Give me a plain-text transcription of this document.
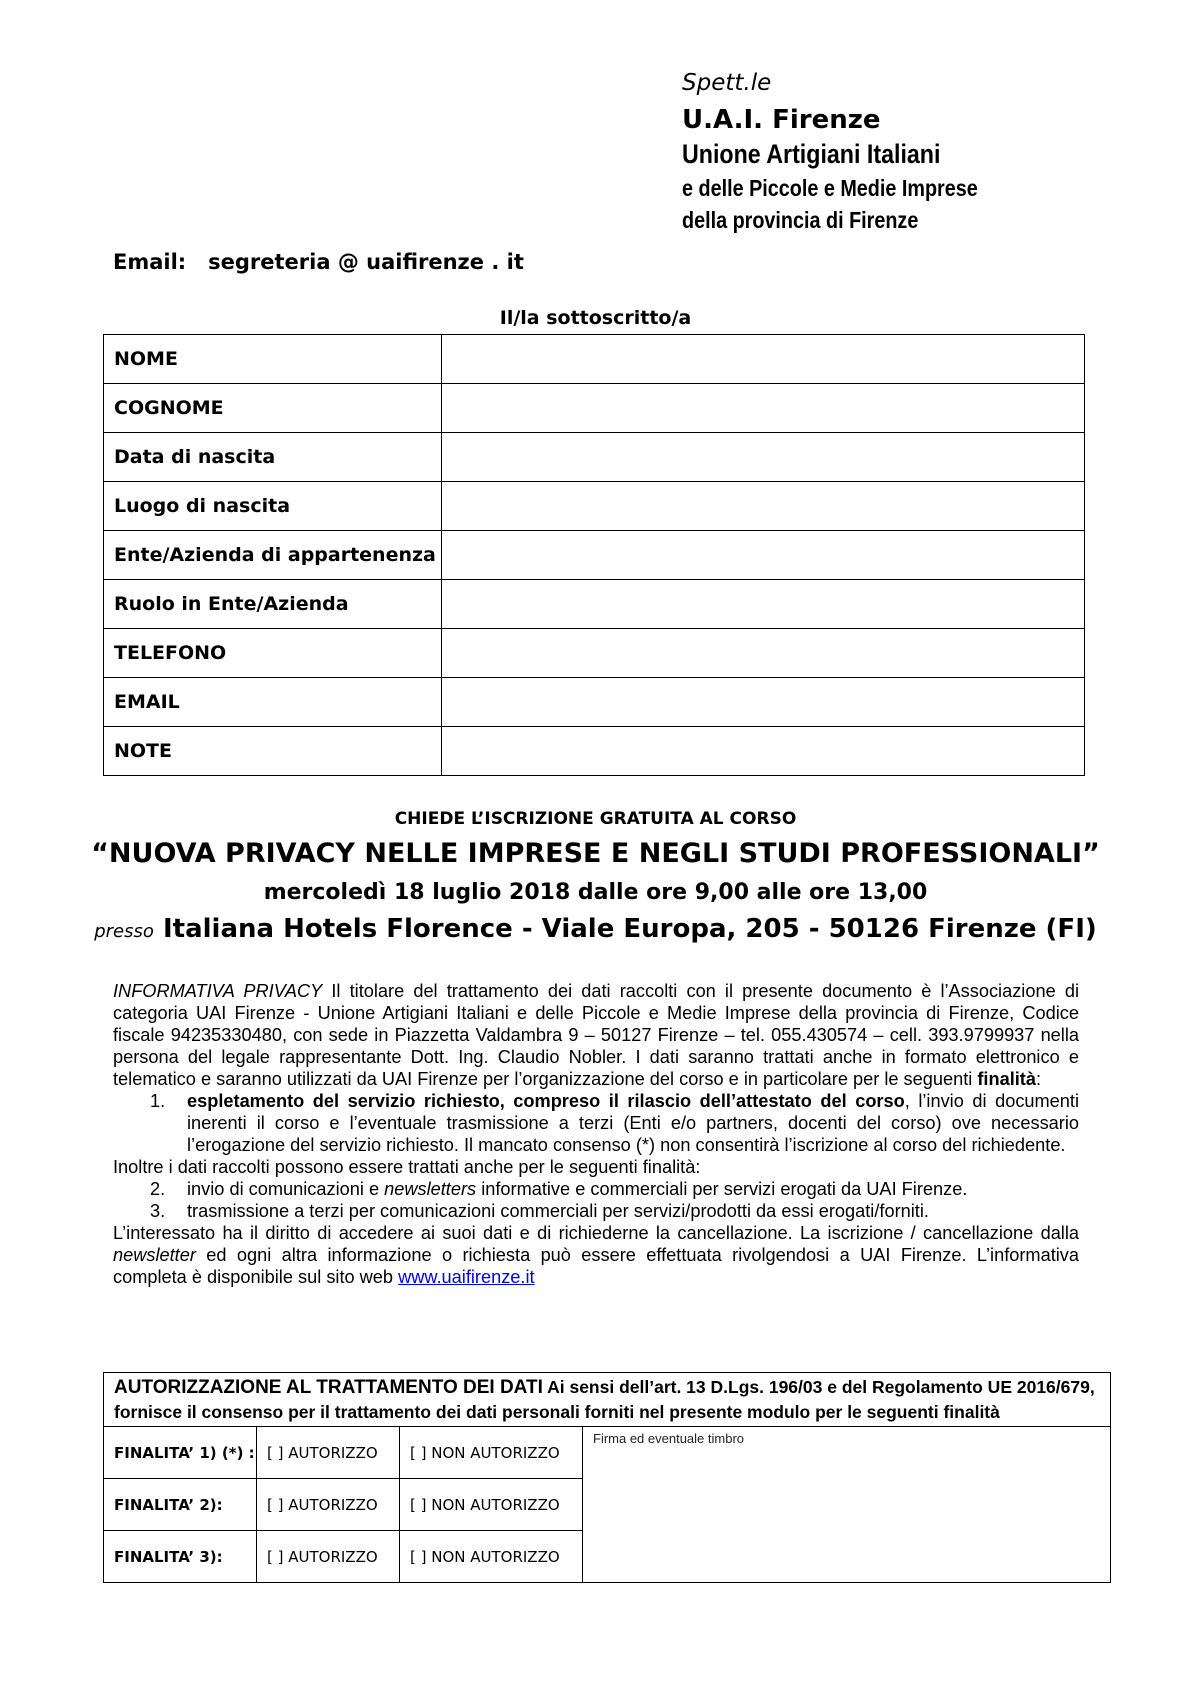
Spett.le
U.A.I. Firenze
Unione Artigiani Italiani
e delle Piccole e Medie Imprese
della provincia di Firenze
Email:   segreteria @ uaifirenze . it
Il/la sottoscritto/a
NOME	
COGNOME	
Data di nascita	
Luogo di nascita	
Ente/Azienda di appartenenza	
Ruolo in Ente/Azienda	
TELEFONO	
EMAIL	
NOTE	
CHIEDE L’ISCRIZIONE GRATUITA AL CORSO
“NUOVA PRIVACY NELLE IMPRESE E NEGLI STUDI PROFESSIONALI”
mercoledì 18 luglio 2018 dalle ore 9,00 alle ore 13,00
presso Italiana Hotels Florence - Viale Europa, 205 - 50126 Firenze (FI)

INFORMATIVA PRIVACY Il titolare del trattamento dei dati raccolti con il presente documento è l’Associazione di categoria UAI Firenze - Unione Artigiani Italiani e delle Piccole e Medie Imprese della provincia di Firenze, Codice fiscale 94235330480, con sede in Piazzetta Valdambra 9 – 50127 Firenze – tel. 055.430574 – cell. 393.9799937 nella persona del legale rappresentante Dott. Ing. Claudio Nobler. I dati saranno trattati anche in formato elettronico e telematico e saranno utilizzati da UAI Firenze per l’organizzazione del corso e in particolare per le seguenti finalità:

1. espletamento del servizio richiesto, compreso il rilascio dell’attestato del corso, l’invio di documenti inerenti il corso e l’eventuale trasmissione a terzi (Enti e/o partners, docenti del corso) ove necessario l’erogazione del servizio richiesto. Il mancato consenso (*) non consentirà l’iscrizione al corso del richiedente.

Inoltre i dati raccolti possono essere trattati anche per le seguenti finalità:

2. invio di comunicazioni e newsletters informative e commerciali per servizi erogati da UAI Firenze.
3. trasmissione a terzi per comunicazioni commerciali per servizi/prodotti da essi erogati/forniti.

L’interessato ha il diritto di accedere ai suoi dati e di richiederne la cancellazione. La iscrizione / cancellazione dalla newsletter ed ogni altra informazione o richiesta può essere effettuata rivolgendosi a UAI Firenze. L’informativa completa è disponibile sul sito web www.uaifirenze.it

AUTORIZZAZIONE AL TRATTAMENTO DEI DATI Ai sensi dell’art. 13 D.Lgs. 196/03 e del Regolamento UE 2016/679,
fornisce il consenso per il trattamento dei dati personali forniti nel presente modulo per le seguenti finalità
FINALITA’ 1) (*) :	[ ] AUTORIZZO	[ ] NON AUTORIZZO
FINALITA’ 2):	[ ] AUTORIZZO	[ ] NON AUTORIZZO
FINALITA’ 3):	[ ] AUTORIZZO	[ ] NON AUTORIZZO
Firma ed eventuale timbro
